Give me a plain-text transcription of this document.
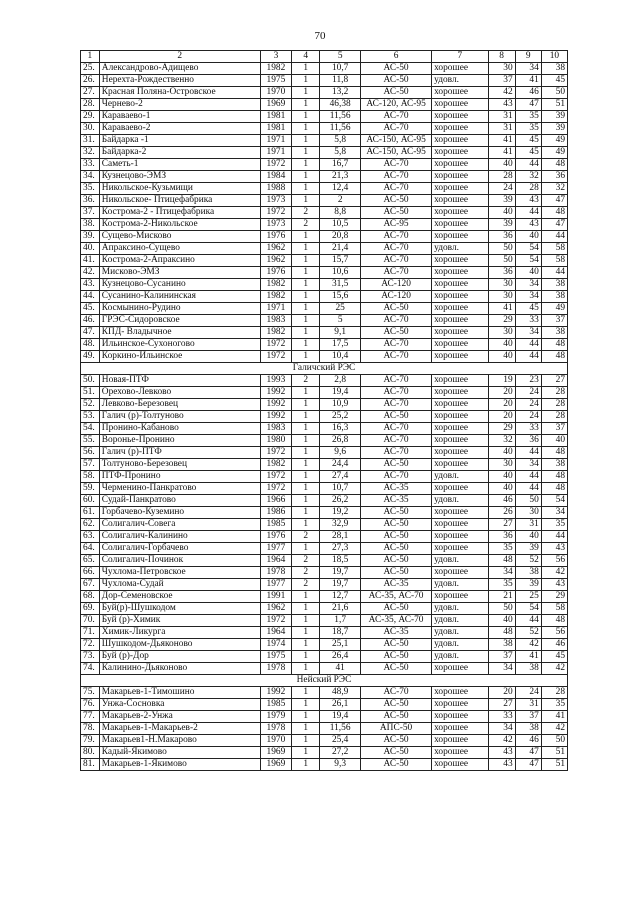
70
1	2	3	4	5	6	7	8	9	10
25.	Александрово-Адищево	1982	1	10,7	АС-50	хорошее	30	34	38
26.	Нерехта-Рождественно	1975	1	11,8	АС-50	удовл.	37	41	45
27.	Красная Поляна-Островское	1970	1	13,2	АС-50	хорошее	42	46	50
28.	Чернево-2	1969	1	46,38	АС-120, АС-95	хорошее	43	47	51
29.	Караваево-1	1981	1	11,56	АС-70	хорошее	31	35	39
30.	Караваево-2	1981	1	11,56	АС-70	хорошее	31	35	39
31.	Байдарка -1	1971	1	5,8	АС-150, АС-95	хорошее	41	45	49
32.	Байдарка-2	1971	1	5,8	АС-150, АС-95	хорошее	41	45	49
33.	Саметь-1	1972	1	16,7	АС-70	хорошее	40	44	48
34.	Кузнецово-ЭМЗ	1984	1	21,3	АС-70	хорошее	28	32	36
35.	Никольское-Кузьмищи	1988	1	12,4	АС-70	хорошее	24	28	32
36.	Никольское- Птицефабрика	1973	1	2	АС-50	хорошее	39	43	47
37.	Кострома-2 - Птицефабрика	1972	2	8,8	АС-50	хорошее	40	44	48
38.	Кострома-2-Никольское	1973	2	10,5	АС-95	хорошее	39	43	47
39.	Сущево-Мисково	1976	1	20,8	АС-70	хорошее	36	40	44
40.	Апраксино-Сущево	1962	1	21,4	АС-70	удовл.	50	54	58
41.	Кострома-2-Апраксино	1962	1	15,7	АС-70	хорошее	50	54	58
42.	Мисково-ЭМЗ	1976	1	10,6	АС-70	хорошее	36	40	44
43.	Кузнецово-Сусанино	1982	1	31,5	АС-120	хорошее	30	34	38
44.	Сусанино-Калининская	1982	1	15,6	АС-120	хорошее	30	34	38
45.	Космынино-Рудино	1971	1	25	АС-50	хорошее	41	45	49
46.	ГРЭС-Сидоровское	1983	1	5	АС-70	хорошее	29	33	37
47.	КПД- Владычное	1982	1	9,1	АС-50	хорошее	30	34	38
48.	Ильинское-Сухоногово	1972	1	17,5	АС-70	хорошее	40	44	48
49.	Коркино-Ильинское	1972	1	10,4	АС-70	хорошее	40	44	48
Галичский РЭС									
50.	Новая-ПТФ	1993	2	2,8	АС-70	хорошее	19	23	27
51.	Орехово-Левково	1992	1	19,4	АС-70	хорошее	20	24	28
52.	Левково-Березовец	1992	1	10,9	АС-70	хорошее	20	24	28
53.	Галич (р)-Толтуново	1992	1	25,2	АС-50	хорошее	20	24	28
54.	Пронино-Кабаново	1983	1	16,3	АС-70	хорошее	29	33	37
55.	Воронье-Пронино	1980	1	26,8	АС-70	хорошее	32	36	40
56.	Галич (р)-ПТФ	1972	1	9,6	АС-70	хорошее	40	44	48
57.	Толтуново-Березовец	1982	1	24,4	АС-50	хорошее	30	34	38
58.	ПТФ-Пронино	1972	1	27,4	АС-70	удовл.	40	44	48
59.	Черменино-Панкратово	1972	1	10,7	АС-35	хорошее	40	44	48
60.	Судай-Панкратово	1966	1	26,2	АС-35	удовл.	46	50	54
61.	Горбачево-Куземино	1986	1	19,2	АС-50	хорошее	26	30	34
62.	Солигалич-Совега	1985	1	32,9	АС-50	хорошее	27	31	35
63.	Солигалич-Калинино	1976	2	28,1	АС-50	хорошее	36	40	44
64.	Солигалич-Горбачево	1977	1	27,3	АС-50	хорошее	35	39	43
65.	Солигалич-Починок	1964	2	18,5	АС-50	удовл.	48	52	56
66.	Чухлома-Петровское	1978	2	19,7	АС-50	хорошее	34	38	42
67.	Чухлома-Судай	1977	2	19,7	АС-35	удовл.	35	39	43
68.	Дор-Семеновское	1991	1	12,7	АС-35, АС-70	хорошее	21	25	29
69.	Буй(р)-Шушкодом	1962	1	21,6	АС-50	удовл.	50	54	58
70.	Буй (р)-Химик	1972	1	1,7	АС-35, АС-70	удовл.	40	44	48
71.	Химик-Ликурга	1964	1	18,7	АС-35	удовл.	48	52	56
72.	Шушкодом-Дьяконово	1974	1	25,1	АС-50	удовл.	38	42	46
73.	Буй (р)-Дор	1975	1	26,4	АС-50	удовл.	37	41	45
74.	Калинино-Дьяконово	1978	1	41	АС-50	хорошее	34	38	42
Нейский РЭС									
75.	Макарьев-1-Тимошино	1992	1	48,9	АС-70	хорошее	20	24	28
76.	Унжа-Сосновка	1985	1	26,1	АС-50	хорошее	27	31	35
77.	Макарьев-2-Унжа	1979	1	19,4	АС-50	хорошее	33	37	41
78.	Макарьев-1-Макарьев-2	1978	1	11,56	АПС-50	хорошее	34	38	42
79.	Макарьев1-Н.Макарово	1970	1	25,4	АС-50	хорошее	42	46	50
80.	Кадый-Якимово	1969	1	27,2	АС-50	хорошее	43	47	51
81.	Макарьев-1-Якимово	1969	1	9,3	АС-50	хорошее	43	47	51
